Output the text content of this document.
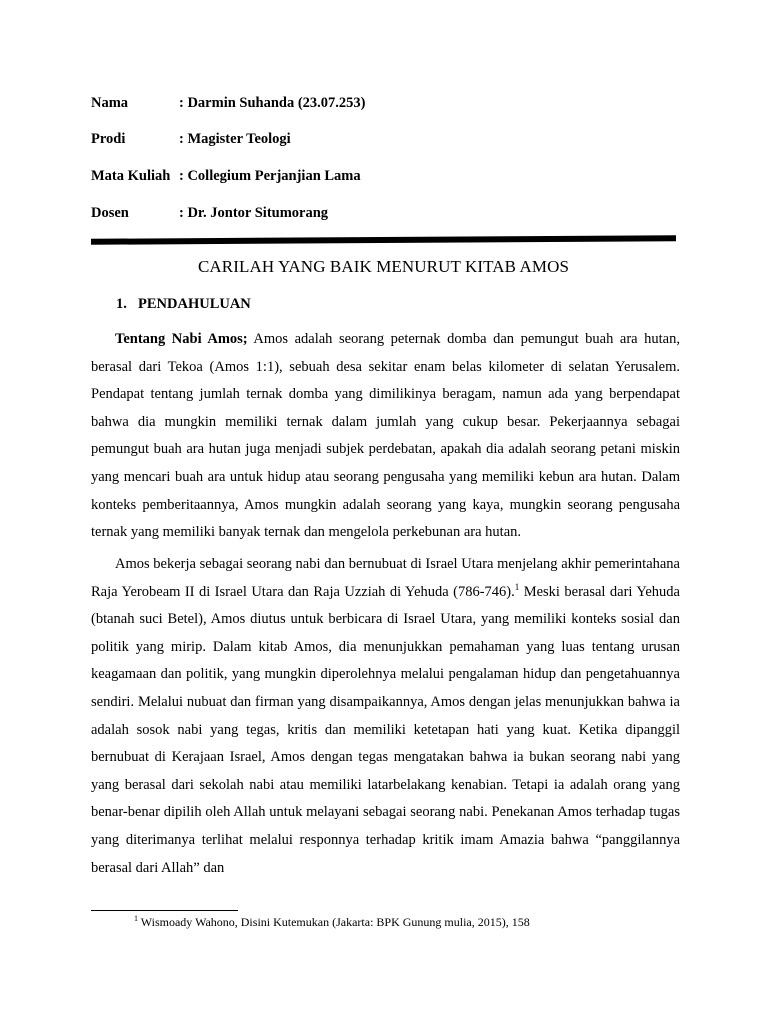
Nama	: Darmin Suhanda (23.07.253)
Prodi	: Magister Teologi
Mata Kuliah : Collegium Perjanjian Lama
Dosen	: Dr. Jontor Situmorang
CARILAH YANG BAIK MENURUT KITAB AMOS
1. PENDAHULUAN

Tentang Nabi Amos; Amos adalah seorang peternak domba dan pemungut buah ara hutan, berasal dari Tekoa (Amos 1:1), sebuah desa sekitar enam belas kilometer di selatan Yerusalem. Pendapat tentang jumlah ternak domba yang dimilikinya beragam, namun ada yang berpendapat bahwa dia mungkin memiliki ternak dalam jumlah yang cukup besar. Pekerjaannya sebagai pemungut buah ara hutan juga menjadi subjek perdebatan, apakah dia adalah seorang petani miskin yang mencari buah ara untuk hidup atau seorang pengusaha yang memiliki kebun ara hutan. Dalam konteks pemberitaannya, Amos mungkin adalah seorang yang kaya, mungkin seorang pengusaha ternak yang memiliki banyak ternak dan mengelola perkebunan ara hutan.

Amos bekerja sebagai seorang nabi dan bernubuat di Israel Utara menjelang akhir pemerintahana Raja Yerobeam II di Israel Utara dan Raja Uzziah di Yehuda (786-746).$^1$ Meski berasal dari Yehuda (btanah suci Betel), Amos diutus untuk berbicara di Israel Utara, yang memiliki konteks sosial dan politik yang mirip. Dalam kitab Amos, dia menunjukkan pemahaman yang luas tentang urusan keagamaan dan politik, yang mungkin diperolehnya melalui pengalaman hidup dan pengetahuannya sendiri. Melalui nubuat dan firman yang disampaikannya, Amos dengan jelas menunjukkan bahwa ia adalah sosok nabi yang tegas, kritis dan memiliki ketetapan hati yang kuat. Ketika dipanggil bernubuat di Kerajaan Israel, Amos dengan tegas mengatakan bahwa ia bukan seorang nabi yang yang berasal dari sekolah nabi atau memiliki latarbelakang kenabian. Tetapi ia adalah orang yang benar-benar dipilih oleh Allah untuk melayani sebagai seorang nabi. Penekanan Amos terhadap tugas yang diterimanya terlihat melalui responnya terhadap kritik imam Amazia bahwa “panggilannya berasal dari Allah” dan

$^1$ Wismoady Wahono, Disini Kutemukan (Jakarta: BPK Gunung mulia, 2015), 158
